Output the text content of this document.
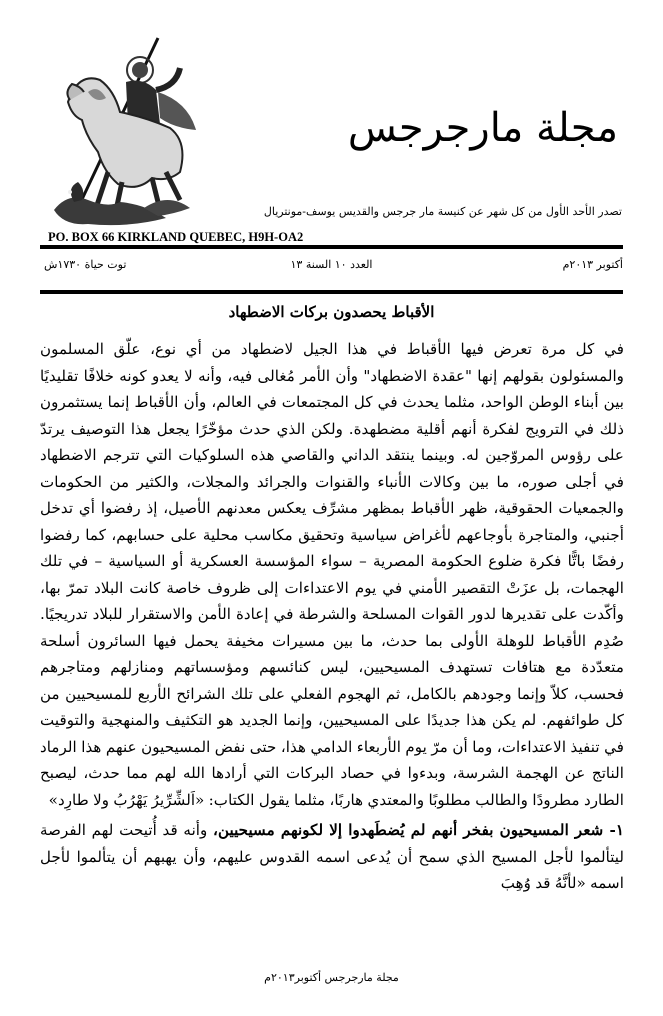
مجلة مارجرجس
تصدر الأحد الأول من كل شهر عن كنيسة مار جرجس والقديس يوسف-مونتريال
PO. BOX 66 KIRKLAND QUEBEC, H9H-OA2
توت حياة ١٧٣٠ش	العدد ١٠ السنة ١٣	أكتوبر ٢٠١٣م
الأقباط يحصدون بركات الاضطهاد

في كل مرة تعرض فيها الأقباط في هذا الجيل لاضطهاد من أي نوع، علّق المسلمون والمسئولون بقولهم إنها "عقدة الاضطهاد" وأن الأمر مُغالى فيه، وأنه لا يعدو كونه خلافًا تقليديًا بين أبناء الوطن الواحد، مثلما يحدث في كل المجتمعات في العالم، وأن الأقباط إنما يستثمرون ذلك في الترويج لفكرة أنهم أقلية مضطهدة. ولكن الذي حدث مؤخّرًا يجعل هذا التوصيف يرتدّ على رؤوس المروّجين له. وبينما ينتقد الداني والقاصي هذه السلوكيات التي تترجم الاضطهاد في أجلى صوره، ما بين وكالات الأنباء والقنوات والجرائد والمجلات، والكثير من الحكومات والجمعيات الحقوقية، ظهر الأقباط بمظهر مشرِّف يعكس معدنهم الأصيل، إذ رفضوا أي تدخل أجنبي، والمتاجرة بأوجاعهم لأغراض سياسية وتحقيق مكاسب محلية على حسابهم، كما رفضوا رفضًا باتًّا فكرة ضلوع الحكومة المصرية – سواء المؤسسة العسكرية أو السياسية – في تلك الهجمات، بل عزَتْ التقصير الأمني في يوم الاعتداءات إلى ظروف خاصة كانت البلاد تمرّ بها، وأكّدت على تقديرها لدور القوات المسلحة والشرطة في إعادة الأمن والاستقرار للبلاد تدريجيًا. صُدِم الأقباط للوهلة الأولى بما حدث، ما بين مسيرات مخيفة يحمل فيها السائرون أسلحة متعدّدة مع هتافات تستهدف المسيحيين، ليس كنائسهم ومؤسساتهم ومنازلهم ومتاجرهم فحسب، كلاّ وإنما وجودهم بالكامل، ثم الهجوم الفعلي على تلك الشرائح الأربع للمسيحيين من كل طوائفهم. لم يكن هذا جديدًا على المسيحيين، وإنما الجديد هو التكثيف والمنهجية والتوقيت في تنفيذ الاعتداءات، وما أن مرّ يوم الأربعاء الدامي هذا، حتى نفض المسيحيون عنهم هذا الرماد الناتج عن الهجمة الشرسة، وبدءوا في حصاد البركات التي أرادها الله لهم مما حدث، ليصبح الطارد مطرودًا والطالب مطلوبًا والمعتدي هاربًا، مثلما يقول الكتاب: «اَلشِّرِّيرُ يَهْرُبُ ولا طارِد»

١- شعر المسيحيون بفخر أنهم لم يُضطَهدوا إلا لكونهم مسيحيين، وأنه قد أُتيحت لهم الفرصة ليتألموا لأجل المسيح الذي سمح أن يُدعى اسمه القدوس عليهم، وأن يهبهم أن يتألموا لأجل اسمه «لأنَّهُ قد وُهِبَ

مجلة مارجرجس أكتوبر٢٠١٣م
